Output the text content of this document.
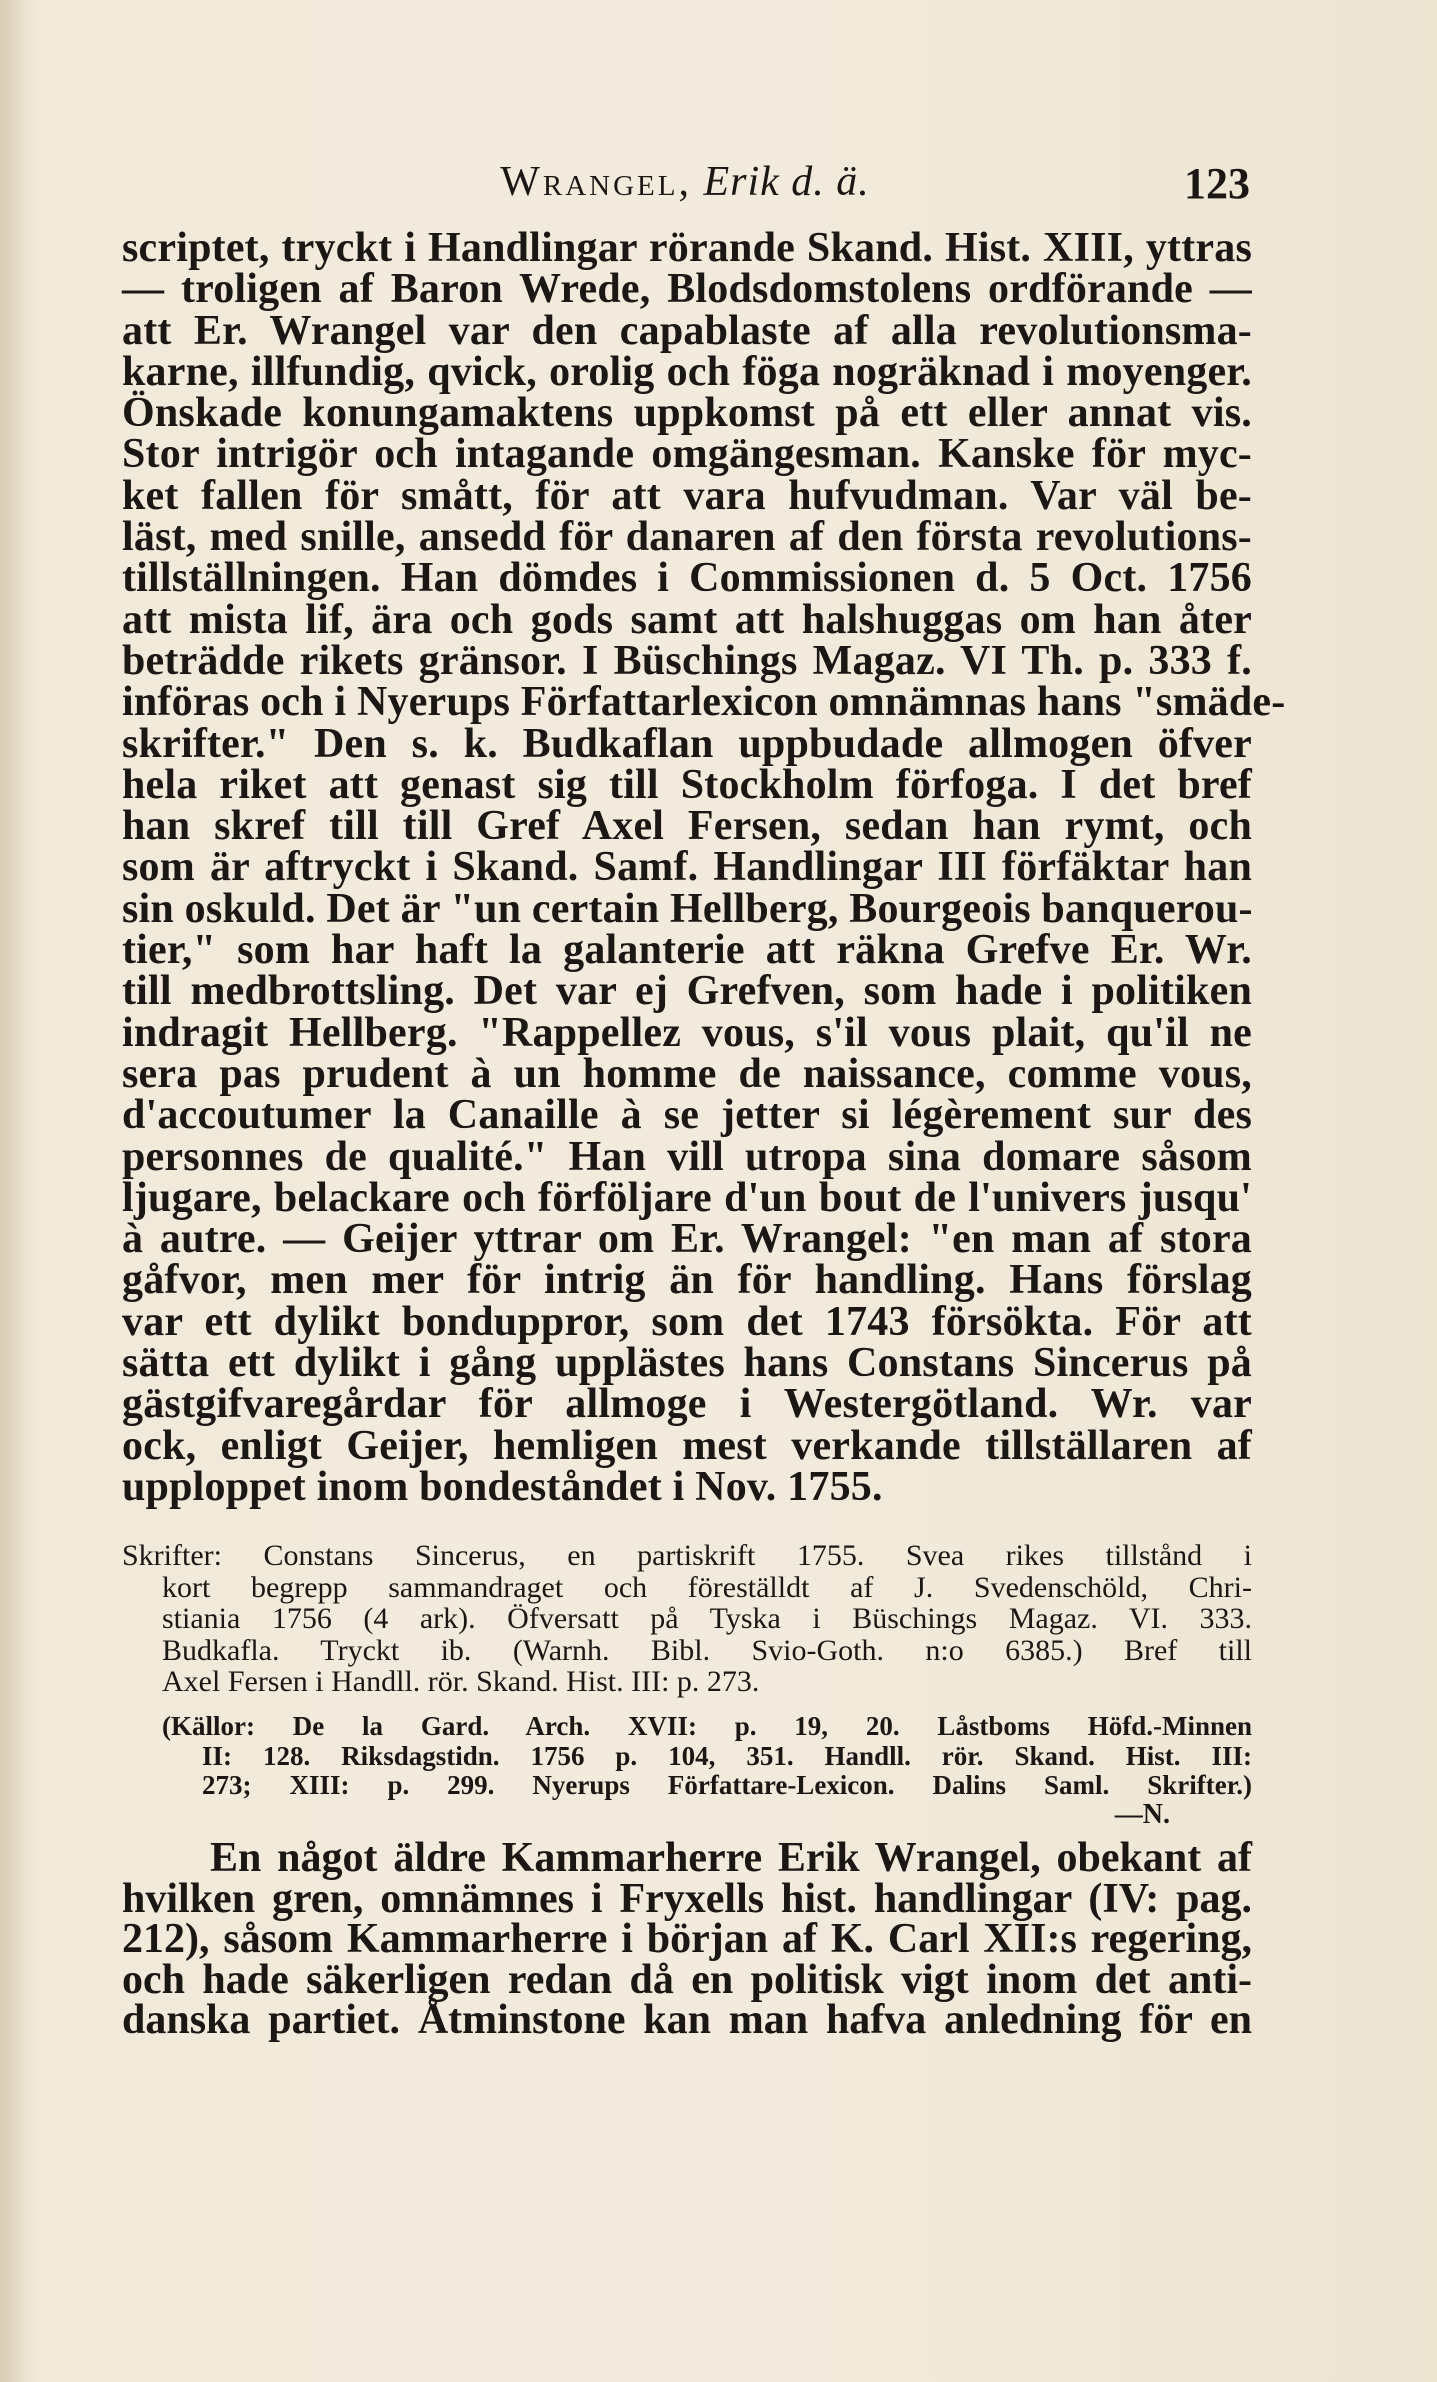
Wrangel, Erik d. ä.	123
scriptet, tryckt i Handlingar rörande Skand. Hist. XIII, yttras
— troligen af Baron Wrede, Blodsdomstolens ordförande —
att Er. Wrangel var den capablaste af alla revolutionsma-
karne, illfundig, qvick, orolig och föga nogräknad i moyenger.
Önskade konungamaktens uppkomst på ett eller annat vis.
Stor intrigör och intagande omgängesman. Kanske för myc-
ket fallen för smått, för att vara hufvudman. Var väl be-
läst, med snille, ansedd för danaren af den första revolutions-
tillställningen. Han dömdes i Commissionen d. 5 Oct. 1756
att mista lif, ära och gods samt att halshuggas om han åter
beträdde rikets gränsor. I Büschings Magaz. VI Th. p. 333 f.
införas och i Nyerups Författarlexicon omnämnas hans "smäde-
skrifter." Den s. k. Budkaflan uppbudade allmogen öfver
hela riket att genast sig till Stockholm förfoga. I det bref
han skref till till Gref Axel Fersen, sedan han rymt, och
som är aftryckt i Skand. Samf. Handlingar III förfäktar han
sin oskuld. Det är "un certain Hellberg, Bourgeois banquerou-
tier," som har haft la galanterie att räkna Grefve Er. Wr.
till medbrottsling. Det var ej Grefven, som hade i politiken
indragit Hellberg. "Rappellez vous, s'il vous plait, qu'il ne
sera pas prudent à un homme de naissance, comme vous,
d'accoutumer la Canaille à se jetter si légèrement sur des
personnes de qualité." Han vill utropa sina domare såsom
ljugare, belackare och förföljare d'un bout de l'univers jusqu'
à autre. — Geijer yttrar om Er. Wrangel: "en man af stora
gåfvor, men mer för intrig än för handling. Hans förslag
var ett dylikt bonduppror, som det 1743 försökta. För att
sätta ett dylikt i gång upplästes hans Constans Sincerus på
gästgifvaregårdar för allmoge i Westergötland. Wr. var
ock, enligt Geijer, hemligen mest verkande tillställaren af
upploppet inom bondeståndet i Nov. 1755.
Skrifter: Constans Sincerus, en partiskrift 1755. Svea rikes tillstånd i
kort begrepp sammandraget och föreställdt af J. Svedenschöld, Chri-
stiania 1756 (4 ark). Öfversatt på Tyska i Büschings Magaz. VI. 333.
Budkafla. Tryckt ib. (Warnh. Bibl. Svio-Goth. n:o 6385.) Bref till
Axel Fersen i Handll. rör. Skand. Hist. III: p. 273.
(Källor: De la Gard. Arch. XVII: p. 19, 20. Låstboms Höfd.-Minnen
II: 128. Riksdagstidn. 1756 p. 104, 351. Handll. rör. Skand. Hist. III:
273; XIII: p. 299. Nyerups Författare-Lexicon. Dalins Saml. Skrifter.)
—N.
En något äldre Kammarherre Erik Wrangel, obekant af
hvilken gren, omnämnes i Fryxells hist. handlingar (IV: pag.
212), såsom Kammarherre i början af K. Carl XII:s regering,
och hade säkerligen redan då en politisk vigt inom det anti-
danska partiet. Åtminstone kan man hafva anledning för en
